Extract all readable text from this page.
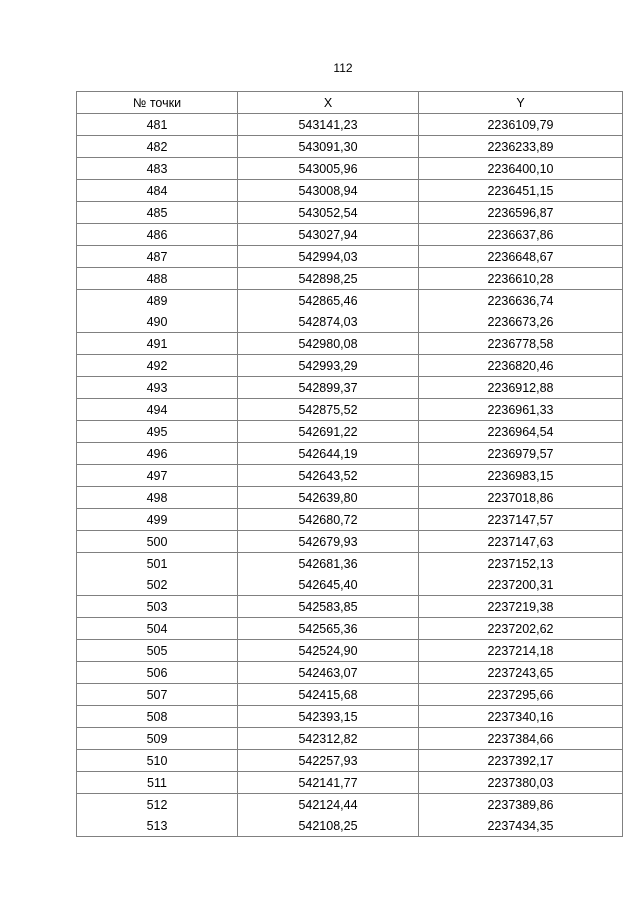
112
№ точки	X	Y
481	543141,23	2236109,79
482	543091,30	2236233,89
483	543005,96	2236400,10
484	543008,94	2236451,15
485	543052,54	2236596,87
486	543027,94	2236637,86
487	542994,03	2236648,67
488	542898,25	2236610,28
489	542865,46	2236636,74
490	542874,03	2236673,26
491	542980,08	2236778,58
492	542993,29	2236820,46
493	542899,37	2236912,88
494	542875,52	2236961,33
495	542691,22	2236964,54
496	542644,19	2236979,57
497	542643,52	2236983,15
498	542639,80	2237018,86
499	542680,72	2237147,57
500	542679,93	2237147,63
501	542681,36	2237152,13
502	542645,40	2237200,31
503	542583,85	2237219,38
504	542565,36	2237202,62
505	542524,90	2237214,18
506	542463,07	2237243,65
507	542415,68	2237295,66
508	542393,15	2237340,16
509	542312,82	2237384,66
510	542257,93	2237392,17
511	542141,77	2237380,03
512	542124,44	2237389,86
513	542108,25	2237434,35
